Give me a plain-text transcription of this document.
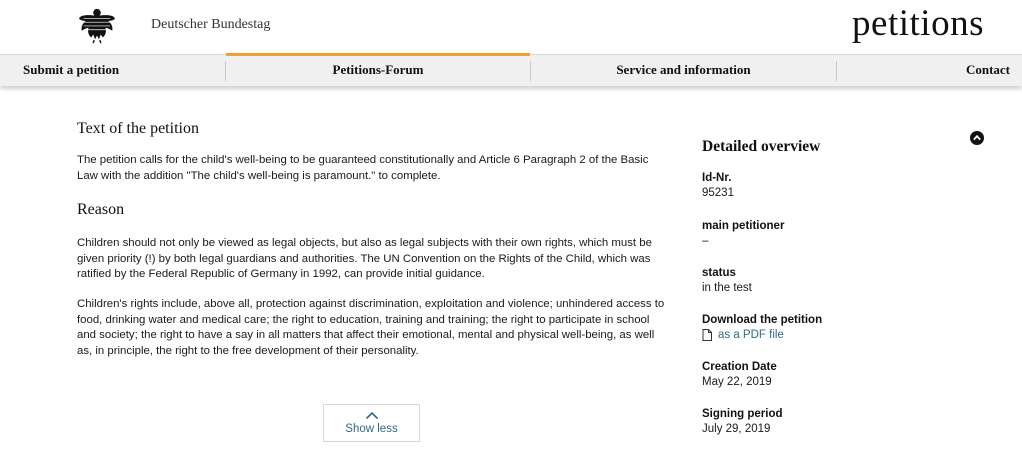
Deutscher Bundestag	petitions
Submit a petition	Petitions-Forum	Service and information	Contact
Text of the petition

The petition calls for the child's well-being to be guaranteed constitutionally and Article 6 Paragraph 2 of the Basic Law with the addition "The child's well-being is paramount." to complete.

Reason

Children should not only be viewed as legal objects, but also as legal subjects with their own rights, which must be given priority (!) by both legal guardians and authorities. The UN Convention on the Rights of the Child, which was ratified by the Federal Republic of Germany in 1992, can provide initial guidance.

Children's rights include, above all, protection against discrimination, exploitation and violence; unhindered access to food, drinking water and medical care; the right to education, training and training; the right to participate in school and society; the right to have a say in all matters that affect their emotional, mental and physical well-being, as well as, in principle, the right to the free development of their personality.

Show less
Detailed overview
Id-Nr.
95231
main petitioner
–
status
in the test
Download the petition
as a PDF file
Creation Date
May 22, 2019
Signing period
July 29, 2019
